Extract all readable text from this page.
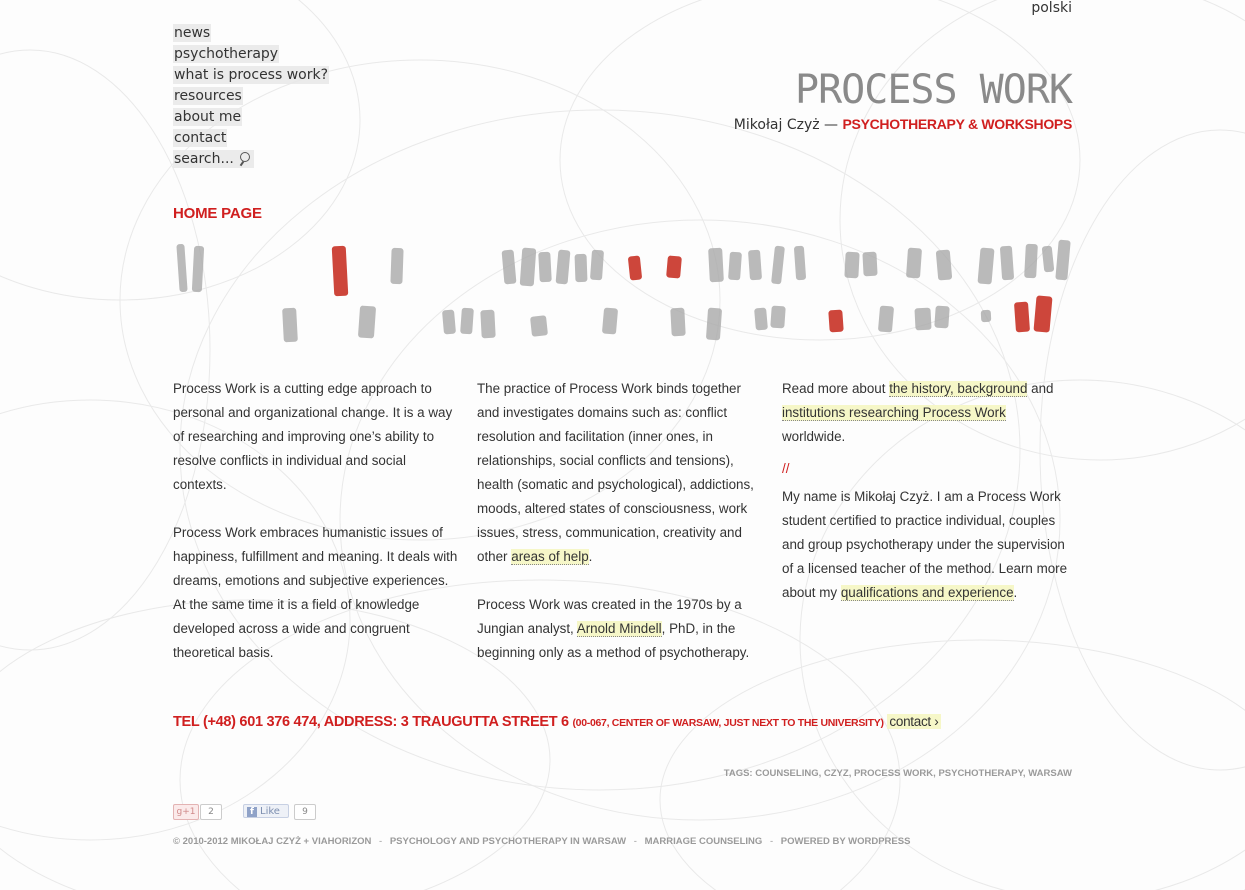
polski
news
psychotherapy
what is process work?
resources
about me
contact
search...
PROCESS WORK
Mikołaj Czyż — PSYCHOTHERAPY & WORKSHOPS
HOME PAGE

Process Work is a cutting edge approach to personal and organizational change. It is a way of researching and improving one’s ability to resolve conflicts in individual and social contexts.

Process Work embraces humanistic issues of happiness, fulfillment and meaning. It deals with dreams, emotions and subjective experiences. At the same time it is a field of knowledge developed across a wide and congruent theoretical basis.

The practice of Process Work binds together and investigates domains such as: conflict resolution and facilitation (inner ones, in relationships, social conflicts and tensions), health (somatic and psychological), addictions, moods, altered states of consciousness, work issues, stress, communication, creativity and other areas of help.

Process Work was created in the 1970s by a Jungian analyst, Arnold Mindell, PhD, in the beginning only as a method of psychotherapy.

Read more about the history, background and institutions researching Process Work worldwide.

//

My name is Mikołaj Czyż. I am a Process Work student certified to practice individual, couples and group psychotherapy under the supervision of a licensed teacher of the method. Learn more about my qualifications and experience.

TEL (+48) 601 376 474, ADDRESS: 3 TRAUGUTTA STREET 6 (00-067, CENTER OF WARSAW, JUST NEXT TO THE UNIVERSITY) contact ›
TAGS: COUNSELING, CZYZ, PROCESS WORK, PSYCHOTHERAPY, WARSAW
g+1	2	f Like	9
© 2010-2012 MIKOŁAJ CZYŻ + VIAHORIZON - PSYCHOLOGY AND PSYCHOTHERAPY IN WARSAW - MARRIAGE COUNSELING - POWERED BY WORDPRESS
